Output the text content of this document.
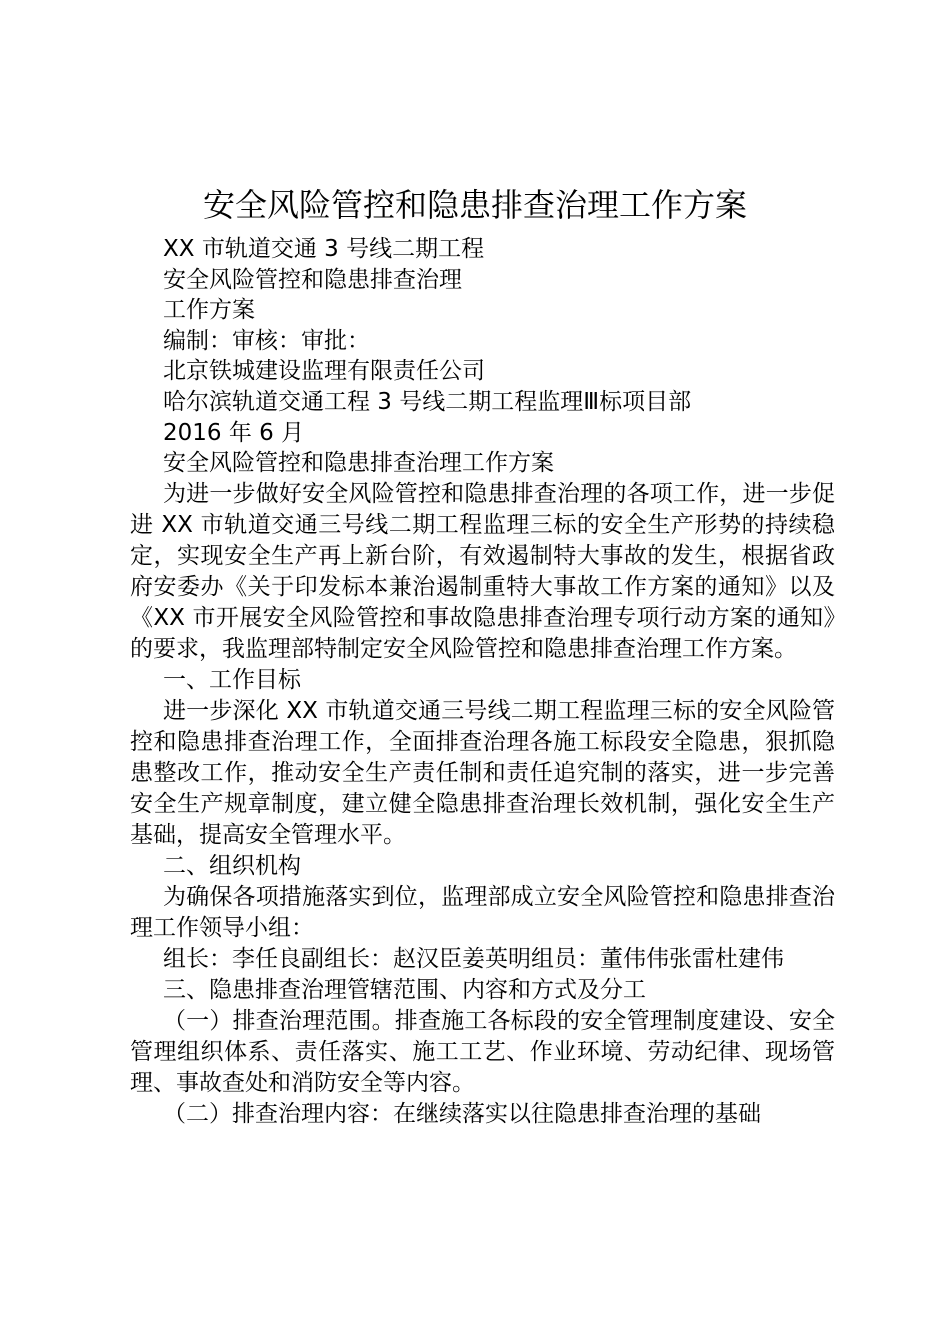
安全风险管控和隐患排查治理工作方案
XX 市轨道交通 3 号线二期工程
安全风险管控和隐患排查治理
工作方案
编制：审核：审批：
北京铁城建设监理有限责任公司
哈尔滨轨道交通工程 3 号线二期工程监理Ⅲ标项目部
2016 年 6 月

安全风险管控和隐患排查治理工作方案

为进一步做好安全风险管控和隐患排查治理的各项工作，进一步促进 XX 市轨道交通三号线二期工程监理三标的安全生产形势的持续稳定，实现安全生产再上新台阶，有效遏制特大事故的发生，根据省政府安委办《关于印发标本兼治遏制重特大事故工作方案的通知》以及《XX 市开展安全风险管控和事故隐患排查治理专项行动方案的通知》的要求，我监理部特制定安全风险管控和隐患排查治理工作方案。

一、工作目标

进一步深化 XX 市轨道交通三号线二期工程监理三标的安全风险管控和隐患排查治理工作，全面排查治理各施工标段安全隐患，狠抓隐患整改工作，推动安全生产责任制和责任追究制的落实，进一步完善安全生产规章制度，建立健全隐患排查治理长效机制，强化安全生产基础，提高安全管理水平。

二、组织机构

为确保各项措施落实到位，监理部成立安全风险管控和隐患排查治理工作领导小组：

组长：李任良副组长：赵汉臣姜英明组员：董伟伟张雷杜建伟

三、隐患排查治理管辖范围、内容和方式及分工

（一）排查治理范围。排查施工各标段的安全管理制度建设、安全管理组织体系、责任落实、施工工艺、作业环境、劳动纪律、现场管理、事故查处和消防安全等内容。

（二）排查治理内容：在继续落实以往隐患排查治理的基础
